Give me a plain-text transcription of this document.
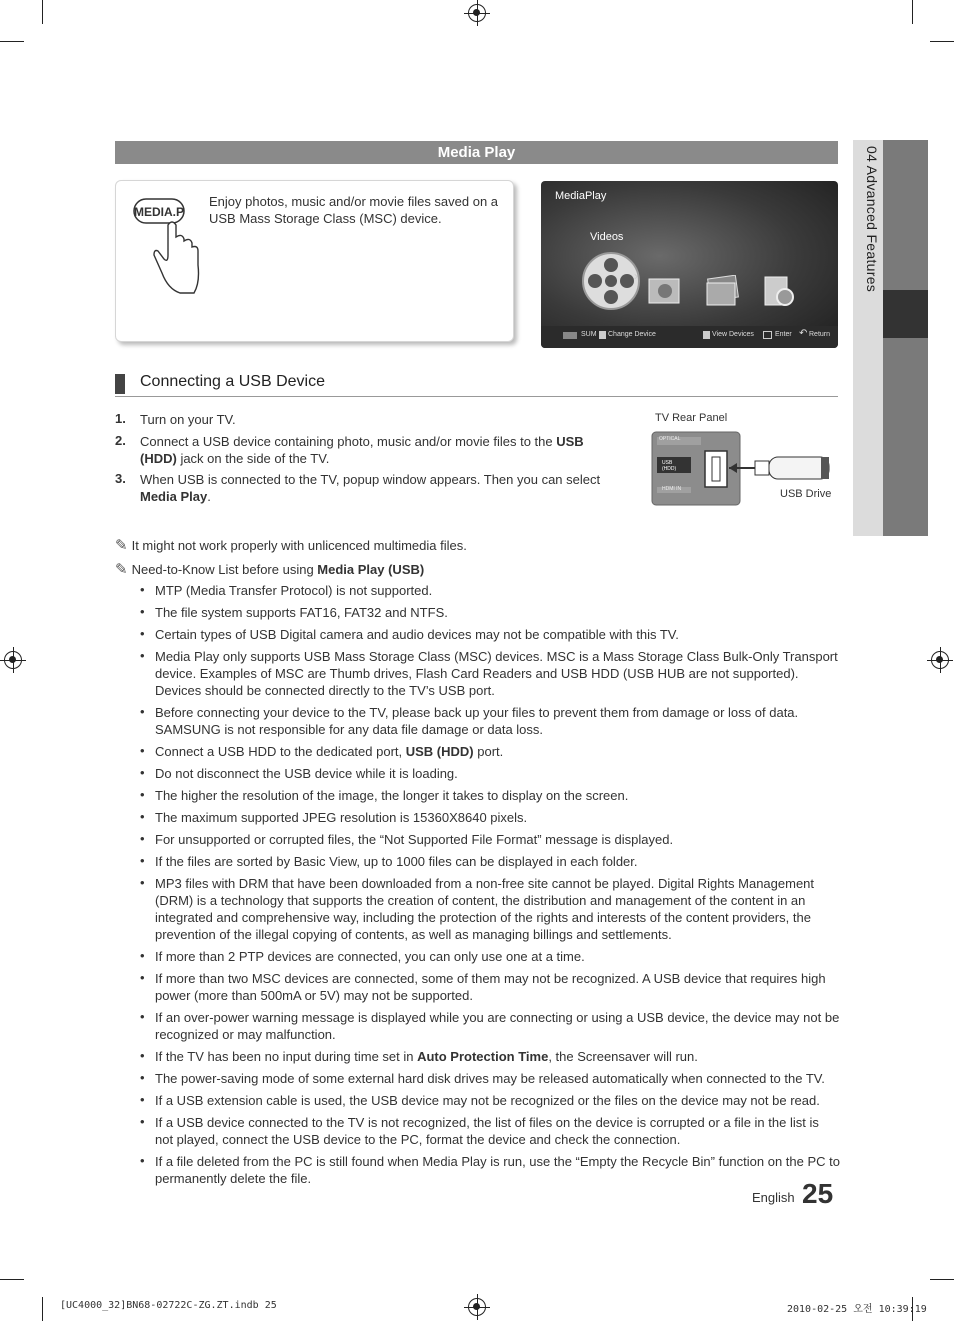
04 Advanced Features
Media Play
MEDIA.P
Enjoy photos, music and/or movie files saved on a USB Mass Storage Class (MSC) device.
MediaPlay
Videos
›
SUM Change Device	View Devices	Enter ↶ Return
Connecting a USB Device
1. Turn on your TV.
2. Connect a USB device containing photo, music and/or movie files to the USB (HDD) jack on the side of the TV.
3. When USB is connected to the TV, popup window appears. Then you can select Media Play.
TV Rear Panel
OPTICAL
USB (HDD)
HDMI IN	USB Drive
✎ It might not work properly with unlicenced multimedia files.
✎ Need-to-Know List before using Media Play (USB)

• MTP (Media Transfer Protocol) is not supported.

• The file system supports FAT16, FAT32 and NTFS.

• Certain types of USB Digital camera and audio devices may not be compatible with this TV.

• Media Play only supports USB Mass Storage Class (MSC) devices. MSC is a Mass Storage Class Bulk-Only Transport device. Examples of MSC are Thumb drives, Flash Card Readers and USB HDD (USB HUB are not supported). Devices should be connected directly to the TV’s USB port.

• Before connecting your device to the TV, please back up your files to prevent them from damage or loss of data. SAMSUNG is not responsible for any data file damage or data loss.

• Connect a USB HDD to the dedicated port, USB (HDD) port.

• Do not disconnect the USB device while it is loading.

• The higher the resolution of the image, the longer it takes to display on the screen.

• The maximum supported JPEG resolution is 15360X8640 pixels.

• For unsupported or corrupted files, the “Not Supported File Format” message is displayed.

• If the files are sorted by Basic View, up to 1000 files can be displayed in each folder.

• MP3 files with DRM that have been downloaded from a non-free site cannot be played. Digital Rights Management (DRM) is a technology that supports the creation of content, the distribution and management of the content in an integrated and comprehensive way, including the protection of the rights and interests of the content providers, the prevention of the illegal copying of contents, as well as managing billings and settlements.

• If more than 2 PTP devices are connected, you can only use one at a time.

• If more than two MSC devices are connected, some of them may not be recognized. A USB device that requires high power (more than 500mA or 5V) may not be supported.

• If an over-power warning message is displayed while you are connecting or using a USB device, the device may not be recognized or may malfunction.

• If the TV has been no input during time set in Auto Protection Time, the Screensaver will run.

• The power-saving mode of some external hard disk drives may be released automatically when connected to the TV.

• If a USB extension cable is used, the USB device may not be recognized or the files on the device may not be read.

• If a USB device connected to the TV is not recognized, the list of files on the device is corrupted or a file in the list is not played, connect the USB device to the PC, format the device and check the connection.

• If a file deleted from the PC is still found when Media Play is run, use the “Empty the Recycle Bin” function on the PC to permanently delete the file.

English 25
[UC4000_32]BN68-02722C-ZG.ZT.indb 25	2010-02-25 오전 10:39:19
